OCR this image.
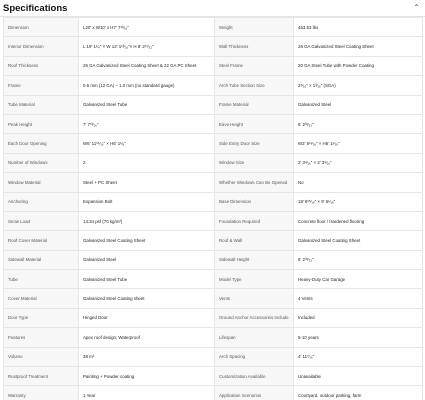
Specifications	⌃
Dimension	L20' x W10' x H7' 7¹³⁄₁₆"	Weight	453.53 lbs
Interior Dimension	L 19' 1¹⁄₄" × W 12' 1¹³⁄₁₆"× H 8' 2¹⁷⁄₃₂"	Wall Thickness	26 GA Galvanized Steel Coating Sheet
Roof Thickness	26 GA Galvanized Steel Coating Sheet & 22 GA PC Sheet	Steel Frame	20 GA Steel Tube with Powder Coating
Frame	0.6 mm (12 GA) – 1.0 mm (no standard gauge)	Arch Tube Section Size	2⁵⁄₁₆" × 1³⁄₁₆" (SGA)
Tube Material	Galvanized Steel Tube	Frame Material	Galvanized Steel
Peak Height	7' 7¹³⁄₁₆"	Eave Height	6' 2³¹⁄₃₂"
Each Door Opening	W6' 11¹⁵⁄₁₆" × H6' 1¹⁄₈"	Side Entry Door Size	W2' 6¹¹⁄₁₆" × H6' 1¹⁄₁₆"
Number of Windows	2	Window Size	2' 3⁹⁄₁₆" × 2' 3⁹⁄₁₆"
Window Material	Steel + PC Sheet	Whether Windows Can Be Opened	No
Anchoring	Expansion Bolt	Base Dimension	19' 8¹⁵⁄₁₆" × 9' 6¹⁄₁₆"
Snow Load	14.34 psf (70 kg/m²)	Foundation Required	Concrete floor / Hardened flooring
Roof Cover Material	Galvanized Steel Coating Sheet	Roof & Wall	Galvanized Steel Coating Sheet
Sidewall Material	Galvanized Steel	Sidewall Height	6' 2³¹⁄₃₂"
Tube	Galvanized Steel Tube	Model Type	Heavy-Duty Car Garage
Cover Material	Galvanized Steel Coating sheet	Vents	4 Vents
Door Type	Hinged Door	Ground Anchor Accessories Include	Included
Features	Apex roof design; Waterproof	Lifespan	5-10 years
Volume	38 m³	Arch Spacing	4' 11⁷⁄₁₆"
Rustproof Treatment	Painting + Powder coating	Customization Available	Unavailable
Warranty	1 Year	Application Scenarios	Courtyard, outdoor parking, farm
